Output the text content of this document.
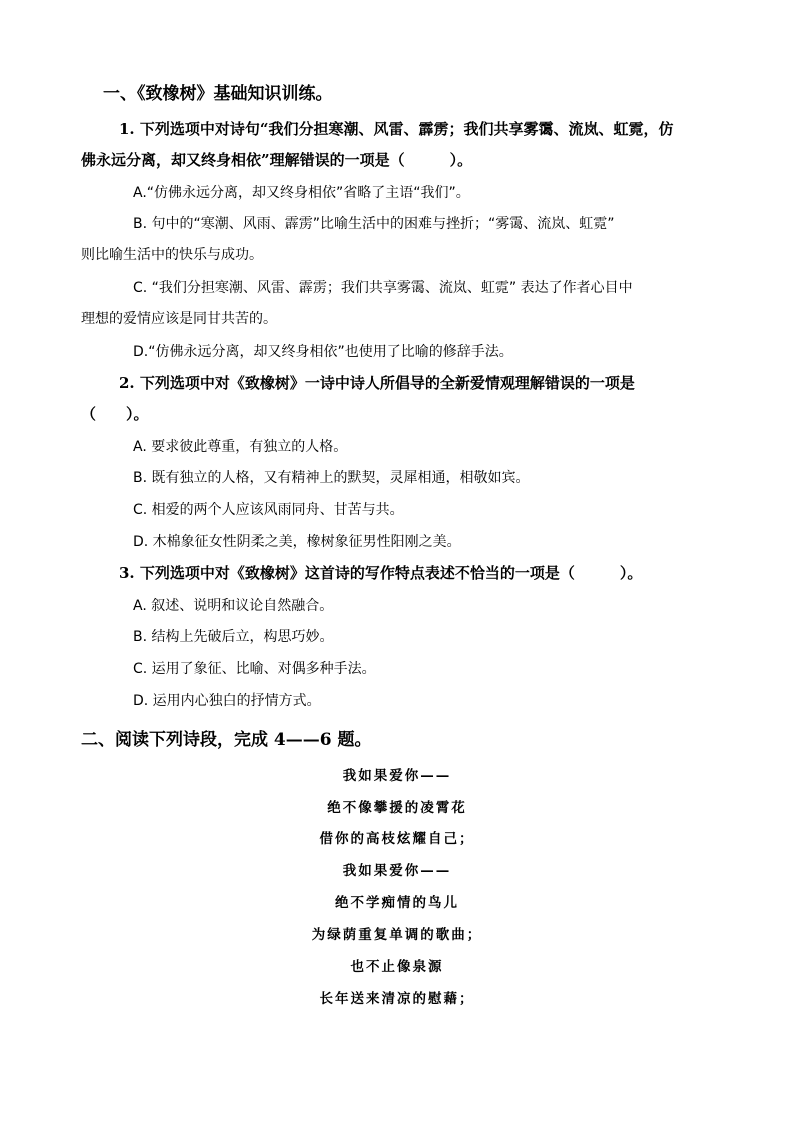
一、《致橡树》基础知识训练。
1. 下列选项中对诗句“我们分担寒潮、风雷、霹雳；我们共享雾霭、流岚、虹霓，仿
佛永远分离，却又终身相依”理解错误的一项是（　　　）。
A.“仿佛永远分离，却又终身相依”省略了主语“我们”。
B. 句中的“寒潮、风雨、霹雳”比喻生活中的困难与挫折；“雾霭、流岚、虹霓”
则比喻生活中的快乐与成功。
C. “我们分担寒潮、风雷、霹雳；我们共享雾霭、流岚、虹霓” 表达了作者心目中
理想的爱情应该是同甘共苦的。
D.“仿佛永远分离，却又终身相依”也使用了比喻的修辞手法。
2. 下列选项中对《致橡树》一诗中诗人所倡导的全新爱情观理解错误的一项是
（　　）。
A. 要求彼此尊重，有独立的人格。
B. 既有独立的人格，又有精神上的默契，灵犀相通，相敬如宾。
C. 相爱的两个人应该风雨同舟、甘苦与共。
D. 木棉象征女性阴柔之美，橡树象征男性阳刚之美。
3. 下列选项中对《致橡树》这首诗的写作特点表述不恰当的一项是（　　　）。
A. 叙述、说明和议论自然融合。
B. 结构上先破后立，构思巧妙。
C. 运用了象征、比喻、对偶多种手法。
D. 运用内心独白的抒情方式。
二、阅读下列诗段，完成 4——6 题。
我如果爱你——
绝不像攀援的凌霄花
借你的高枝炫耀自己；
我如果爱你——
绝不学痴情的鸟儿
为绿荫重复单调的歌曲；
也不止像泉源
长年送来清凉的慰藉；
